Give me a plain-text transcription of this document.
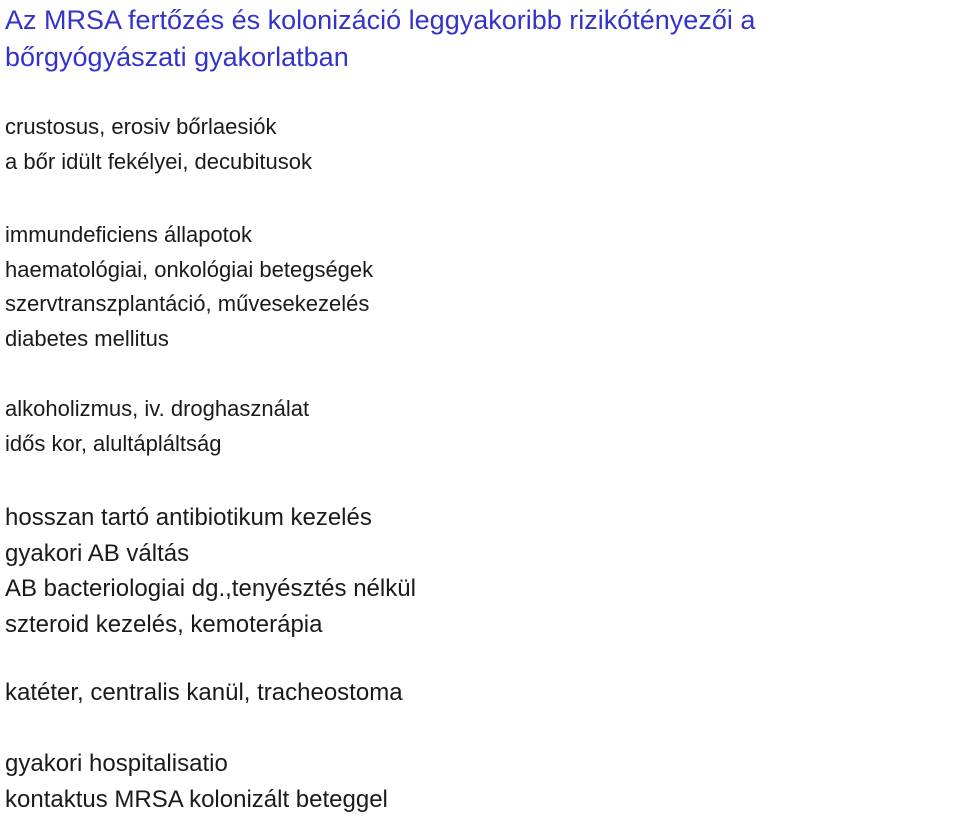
Az MRSA fertőzés és kolonizáció leggyakoribb rizikótényezői a
bőrgyógyászati gyakorlatban
crustosus, erosiv bőrlaesiók
a bőr idült fekélyei, decubitusok
immundeficiens állapotok
haematológiai, onkológiai betegségek
szervtranszplantáció, művesekezelés
diabetes mellitus
alkoholizmus, iv. droghasználat
idős kor, alultápláltság
hosszan tartó antibiotikum kezelés
gyakori AB váltás
AB bacteriologiai dg.,tenyésztés nélkül
szteroid kezelés, kemoterápia
katéter, centralis kanül, tracheostoma
gyakori hospitalisatio
kontaktus MRSA kolonizált beteggel
